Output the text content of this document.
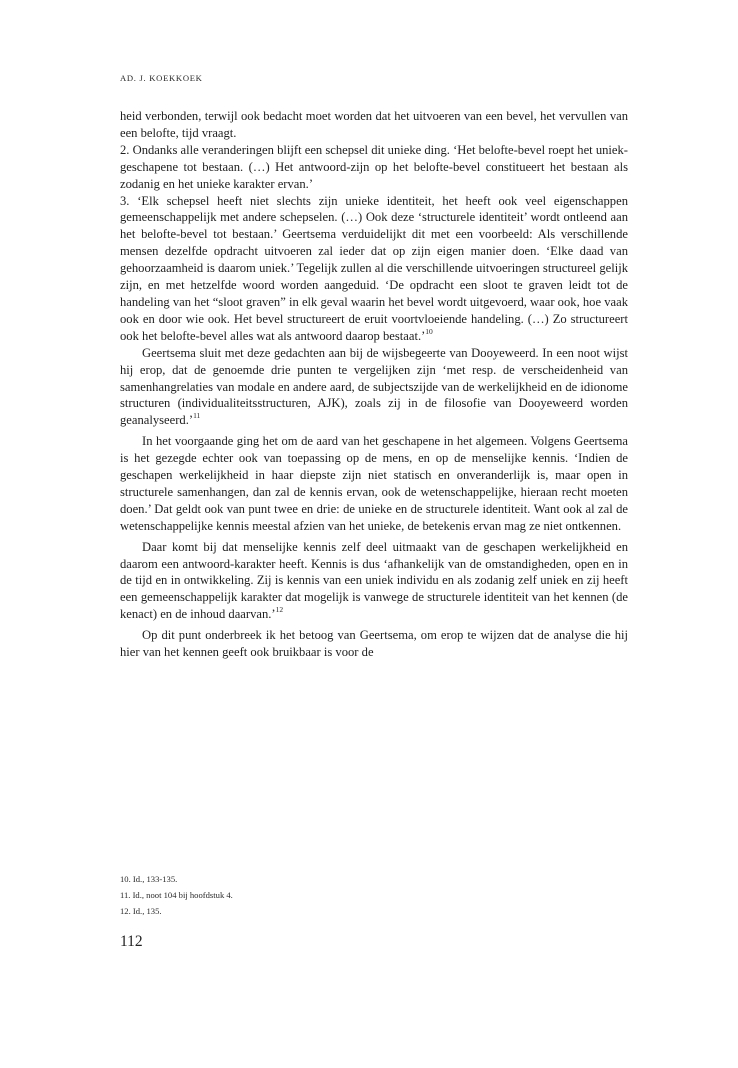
AD. J. KOEKKOEK

heid verbonden, terwijl ook bedacht moet worden dat het uitvoeren van een bevel, het vervullen van een belofte, tijd vraagt.

2. Ondanks alle veranderingen blijft een schepsel dit unieke ding. ‘Het belofte-bevel roept het uniek-geschapene tot bestaan. (…) Het antwoord-zijn op het belofte-bevel constitueert het bestaan als zodanig en het unieke karakter ervan.’

3. ‘Elk schepsel heeft niet slechts zijn unieke identiteit, het heeft ook veel eigenschappen gemeenschappelijk met andere schepselen. (…) Ook deze ‘structurele identiteit’ wordt ontleend aan het belofte-bevel tot bestaan.’ Geertsema verduidelijkt dit met een voorbeeld: Als verschillende mensen dezelfde opdracht uitvoeren zal ieder dat op zijn eigen manier doen. ‘Elke daad van gehoorzaamheid is daarom uniek.’ Tegelijk zullen al die verschillende uitvoeringen structureel gelijk zijn, en met hetzelfde woord worden aangeduid. ‘De opdracht een sloot te graven leidt tot de handeling van het “sloot graven” in elk geval waarin het bevel wordt uitgevoerd, waar ook, hoe vaak ook en door wie ook. Het bevel structureert de eruit voortvloeiende handeling. (…) Zo structureert ook het belofte-bevel alles wat als antwoord daarop bestaat.’$^{10}$

Geertsema sluit met deze gedachten aan bij de wijsbegeerte van Dooyeweerd. In een noot wijst hij erop, dat de genoemde drie punten te vergelijken zijn ‘met resp. de verscheidenheid van samenhangrelaties van modale en andere aard, de subjectszijde van de werkelijkheid en de idionome structuren (individualiteitsstructuren, AJK), zoals zij in de filosofie van Dooyeweerd worden geanalyseerd.’$^{11}$

In het voorgaande ging het om de aard van het geschapene in het algemeen. Volgens Geertsema is het gezegde echter ook van toepassing op de mens, en op de menselijke kennis. ‘Indien de geschapen werkelijkheid in haar diepste zijn niet statisch en onveranderlijk is, maar open in structurele samenhangen, dan zal de kennis ervan, ook de wetenschappelijke, hieraan recht moeten doen.’ Dat geldt ook van punt twee en drie: de unieke en de structurele identiteit. Want ook al zal de wetenschappelijke kennis meestal afzien van het unieke, de betekenis ervan mag ze niet ontkennen.

Daar komt bij dat menselijke kennis zelf deel uitmaakt van de geschapen werkelijkheid en daarom een antwoord-karakter heeft. Kennis is dus ‘afhankelijk van de omstandigheden, open en in de tijd en in ontwikkeling. Zij is kennis van een uniek individu en als zodanig zelf uniek en zij heeft een gemeenschappelijk karakter dat mogelijk is vanwege de structurele identiteit van het kennen (de kenact) en de inhoud daarvan.’$^{12}$

Op dit punt onderbreek ik het betoog van Geertsema, om erop te wijzen dat de analyse die hij hier van het kennen geeft ook bruikbaar is voor de

10. Id., 133-135.
11. Id., noot 104 bij hoofdstuk 4.
12. Id., 135.
112
